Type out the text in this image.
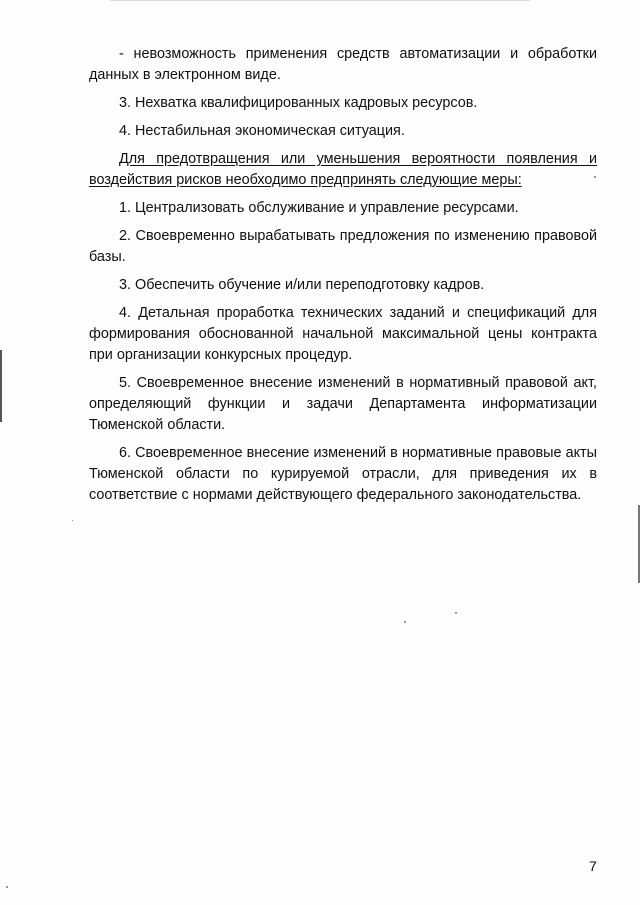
- невозможность применения средств автоматизации и обработки данных в электронном виде.

3. Нехватка квалифицированных кадровых ресурсов.

4. Нестабильная экономическая ситуация.

Для предотвращения или уменьшения вероятности появления и воздействия рисков необходимо предпринять следующие меры:

1. Централизовать обслуживание и управление ресурсами.

2. Своевременно вырабатывать предложения по изменению правовой базы.

3. Обеспечить обучение и/или переподготовку кадров.

4. Детальная проработка технических заданий и спецификаций для формирования обоснованной начальной максимальной цены контракта при организации конкурсных процедур.

5. Своевременное внесение изменений в нормативный правовой акт, определяющий функции и задачи Департамента информатизации Тюменской области.

6. Своевременное внесение изменений в нормативные правовые акты Тюменской области по курируемой отрасли, для приведения их в соответствие с нормами действующего федерального законодательства.

7
